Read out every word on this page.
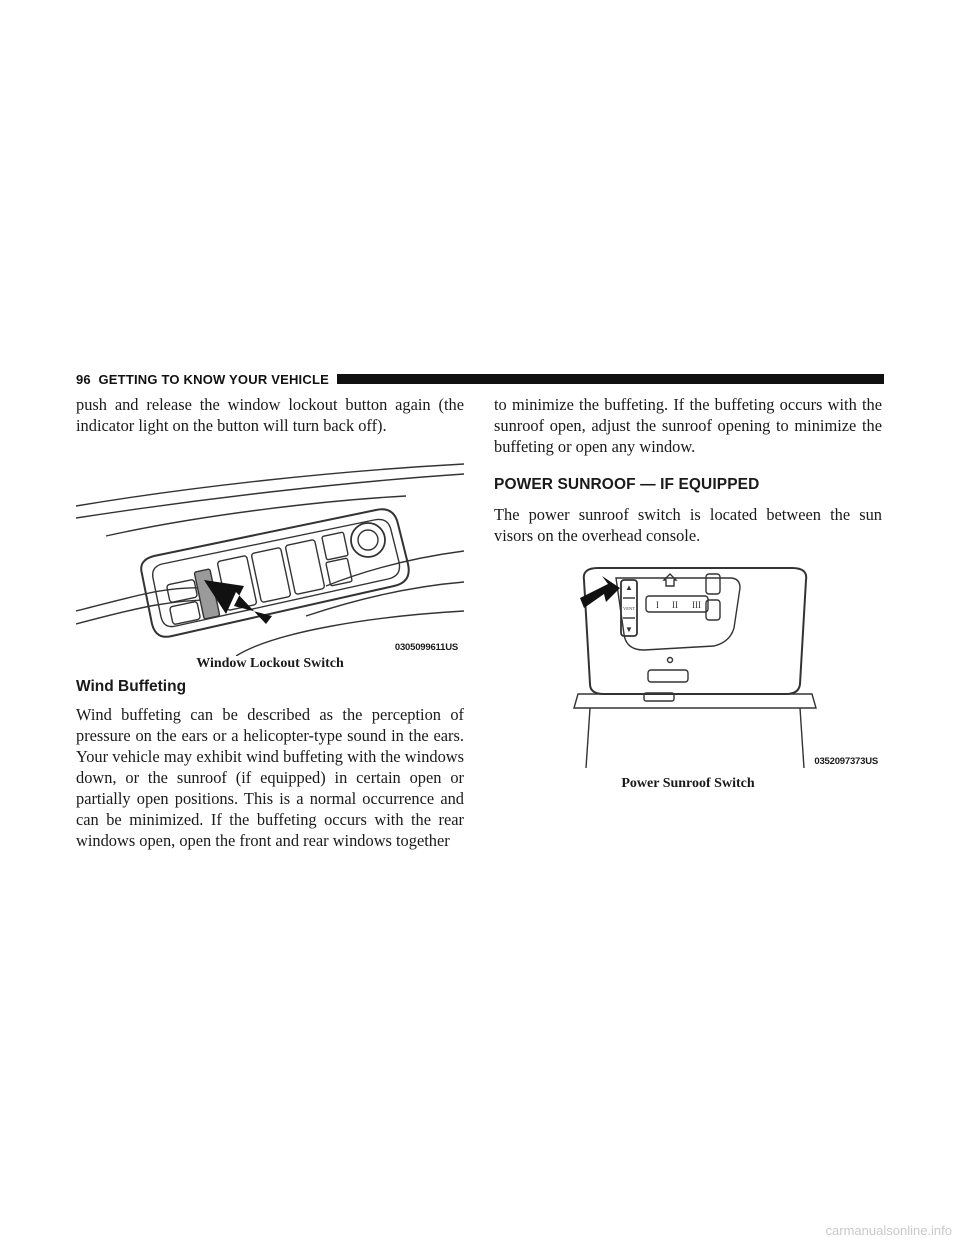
96 GETTING TO KNOW YOUR VEHICLE

push and release the window lockout button again (the indicator light on the button will turn back off).

0305099611US
Window Lockout Switch
Wind Buffeting

Wind buffeting can be described as the perception of pressure on the ears or a helicopter-type sound in the ears. Your vehicle may exhibit wind buffeting with the windows down, or the sunroof (if equipped) in certain open or partially open positions. This is a normal occurrence and can be minimized. If the buffeting occurs with the rear windows open, open the front and rear windows together

to minimize the buffeting. If the buffeting occurs with the sunroof open, adjust the sunroof opening to minimize the buffeting or open any window.

POWER SUNROOF — IF EQUIPPED

The power sunroof switch is located between the sun visors on the overhead console.

▲
▼
I II III
VENT
0352097373US
Power Sunroof Switch
carmanualsonline.info
